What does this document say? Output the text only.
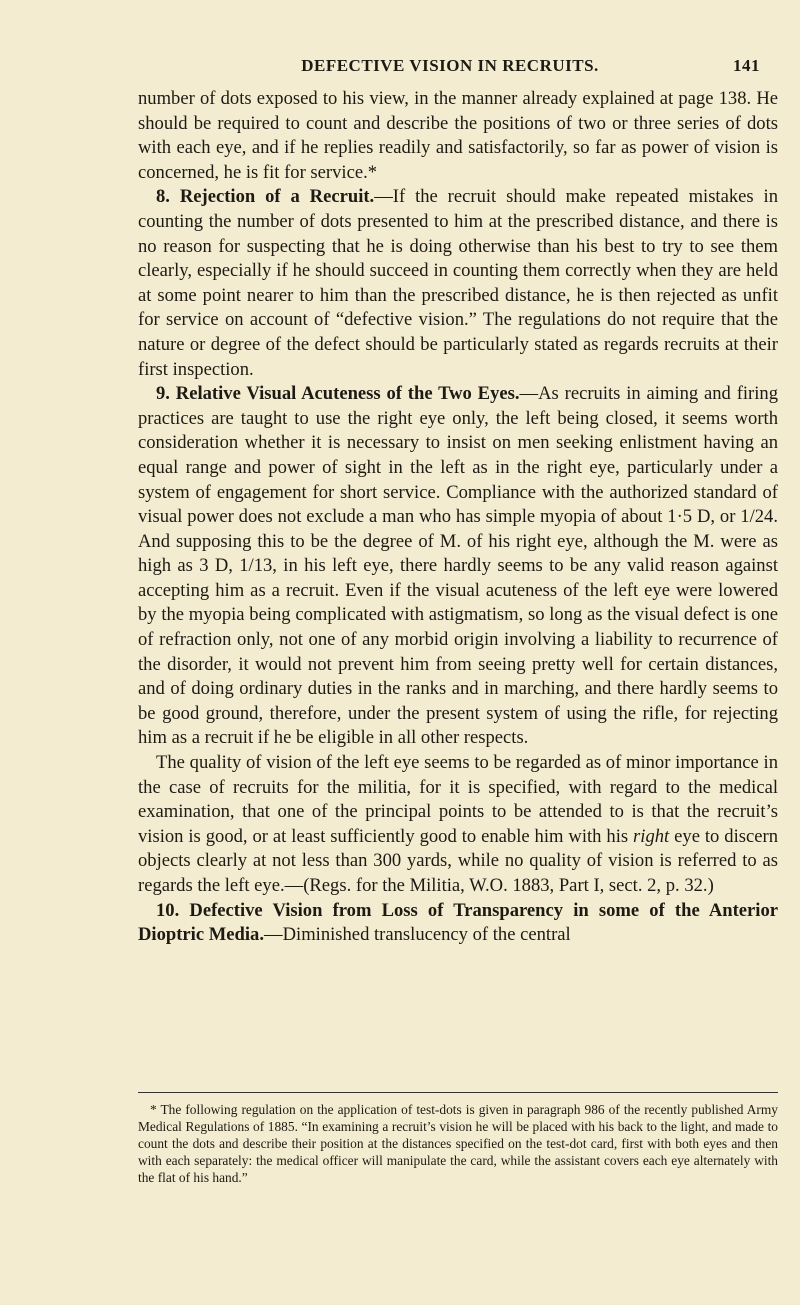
DEFECTIVE VISION IN RECRUITS.	141

number of dots exposed to his view, in the manner already explained at page 138. He should be required to count and describe the positions of two or three series of dots with each eye, and if he replies readily and satisfactorily, so far as power of vision is concerned, he is fit for service.*

8. Rejection of a Recruit.—If the recruit should make repeated mistakes in counting the number of dots presented to him at the prescribed distance, and there is no reason for suspecting that he is doing otherwise than his best to try to see them clearly, especially if he should succeed in counting them correctly when they are held at some point nearer to him than the prescribed distance, he is then rejected as unfit for service on account of “defective vision.” The regulations do not require that the nature or degree of the defect should be particularly stated as regards recruits at their first inspection.

9. Relative Visual Acuteness of the Two Eyes.—As recruits in aiming and firing practices are taught to use the right eye only, the left being closed, it seems worth consideration whether it is necessary to insist on men seeking enlistment having an equal range and power of sight in the left as in the right eye, particularly under a system of engagement for short service. Compliance with the authorized standard of visual power does not exclude a man who has simple myopia of about 1·5 D, or 1/24. And supposing this to be the degree of M. of his right eye, although the M. were as high as 3 D, 1/13, in his left eye, there hardly seems to be any valid reason against accepting him as a recruit. Even if the visual acuteness of the left eye were lowered by the myopia being complicated with astigmatism, so long as the visual defect is one of refraction only, not one of any morbid origin involving a liability to recurrence of the disorder, it would not prevent him from seeing pretty well for certain distances, and of doing ordinary duties in the ranks and in marching, and there hardly seems to be good ground, therefore, under the present system of using the rifle, for rejecting him as a recruit if he be eligible in all other respects.

The quality of vision of the left eye seems to be regarded as of minor importance in the case of recruits for the militia, for it is specified, with regard to the medical examination, that one of the principal points to be attended to is that the recruit’s vision is good, or at least sufficiently good to enable him with his right eye to discern objects clearly at not less than 300 yards, while no quality of vision is referred to as regards the left eye.—(Regs. for the Militia, W.O. 1883, Part I, sect. 2, p. 32.)

10. Defective Vision from Loss of Transparency in some of the Anterior Dioptric Media.—Diminished translucency of the central

* The following regulation on the application of test-dots is given in paragraph 986 of the recently published Army Medical Regulations of 1885. “In examining a recruit’s vision he will be placed with his back to the light, and made to count the dots and describe their position at the distances specified on the test-dot card, first with both eyes and then with each separately: the medical officer will manipulate the card, while the assistant covers each eye alternately with the flat of his hand.”
